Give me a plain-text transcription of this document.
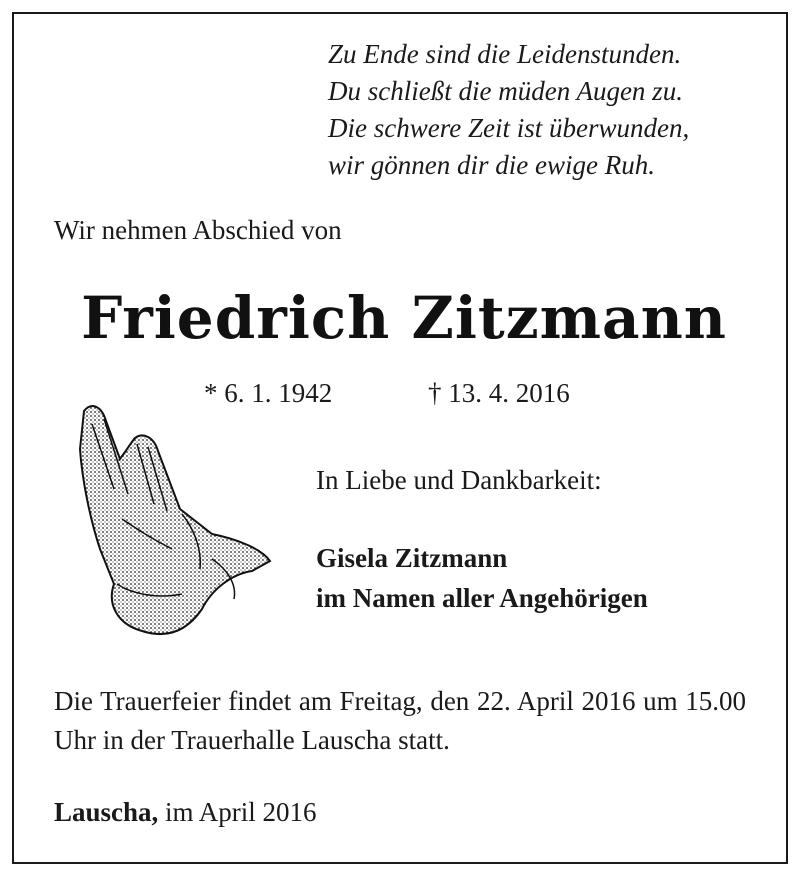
Zu Ende sind die Leidenstunden.
Du schließt die müden Augen zu.
Die schwere Zeit ist überwunden,
wir gönnen dir die ewige Ruh.
Wir nehmen Abschied von
Friedrich Zitzmann
* 6. 1. 1942	† 13. 4. 2016
In Liebe und Dankbarkeit:
Gisela Zitzmann
im Namen aller Angehörigen
Die Trauerfeier findet am Freitag, den 22. April 2016 um 15.00 Uhr in der Trauerhalle Lauscha statt.
Lauscha, im April 2016
